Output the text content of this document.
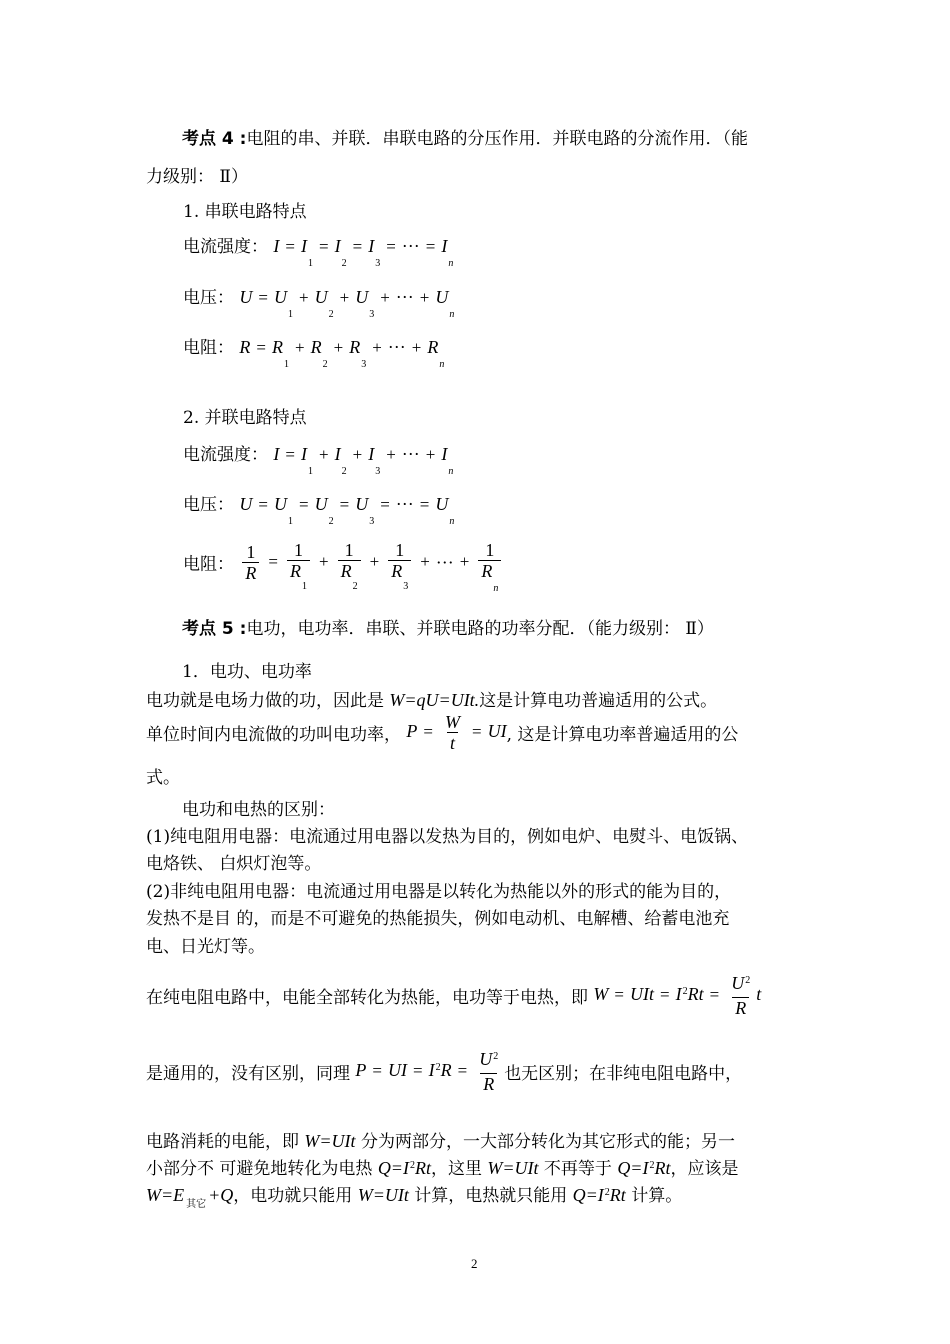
考点 4 :电阻的串、并联．串联电路的分压作用．并联电路的分流作用．（能
力级别： Ⅱ）
1. 串联电路特点
电流强度： $I = I_1= I_2= I_3=$ ··· = $I_n$
电压： $U = U_1+ U_2+ U_3+$ ··· + $U_n$
电阻： $R = R_1+ R_2+ R_3+$ ··· + $R_n$
2. 并联电路特点
电流强度： $I = I_1+ I_2+ I_3+$ ··· + $I_n$
电压： $U = U_1= U_2= U_3=$ ··· = $U_n$
电阻： $\frac{1}{R} = \frac{1}{R_1} + \frac{1}{R_2} + \frac{1}{R_3}$ + ··· + $\frac{1}{R_n}$
考点 5 :电功，电功率．串联、并联电路的功率分配．（能力级别： Ⅱ）
1．电功、电功率
电功就是电场力做的功，因此是 W=qU=UIt.这是计算电功普遍适用的公式。
单位时间内电流做的功叫电功率， $P = \frac{W}{t}$ = UI, 这是计算电功率普遍适用的公
式。
电功和电热的区别：
(1)纯电阻用电器：电流通过用电器以发热为目的，例如电炉、电熨斗、电饭锅、
电烙铁、 白炽灯泡等。
(2)非纯电阻用电器：电流通过用电器是以转化为热能以外的形式的能为目的，
发热不是目 的，而是不可避免的热能损失，例如电动机、电解槽、给蓄电池充
电、日光灯等。
在纯电阻电路中，电能全部转化为热能，电功等于电热，即 W = UIt = $I^2Rt = \frac{U^2}{R}$ t
是通用的，没有区别，同理 P = UI = $I^2R = \frac{U^2}{R}$ 也无区别；在非纯电阻电路中，
电路消耗的电能，即 W=UIt 分为两部分，一大部分转化为其它形式的能；另一
小部分不 可避免地转化为电热 $Q=I^2Rt$，这里 W=UIt 不再等于 $Q=I^2Rt$，应该是
W=E $_{其它}$ +Q，电功就只能用 W=UIt 计算，电热就只能用 $Q=I^2Rt$ 计算。
2
